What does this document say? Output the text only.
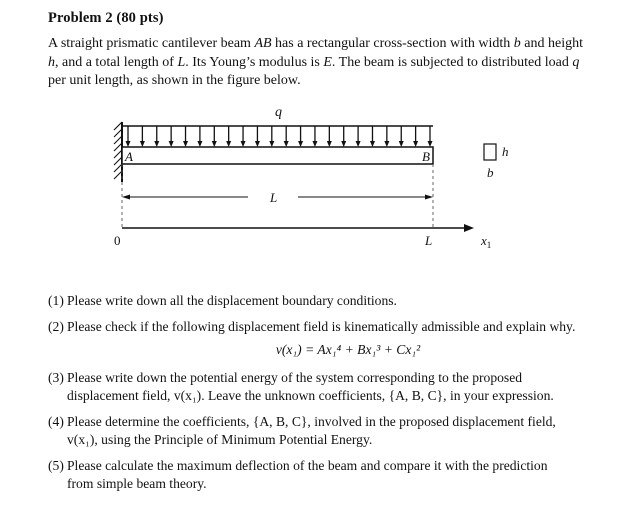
Problem 2 (80 pts)

A straight prismatic cantilever beam AB has a rectangular cross-section with width b and height

h, and a total length of L. Its Young’s modulus is E. The beam is subjected to distributed load q

per unit length, as shown in the figure below.

q
A	B	h
b
L
0	L	$x_1$
(1) Please write down all the displacement boundary conditions.
(2) Please check if the following displacement field is kinematically admissible and explain why.
v(x₁) = Ax₁⁴ + Bx₁³ + Cx₁²
(3) Please write down the potential energy of the system corresponding to the proposed
displacement field, v(x₁). Leave the unknown coefficients, {A, B, C}, in your expression.
(4) Please determine the coefficients, {A, B, C}, involved in the proposed displacement field,
v(x₁), using the Principle of Minimum Potential Energy.
(5) Please calculate the maximum deflection of the beam and compare it with the prediction
from simple beam theory.
